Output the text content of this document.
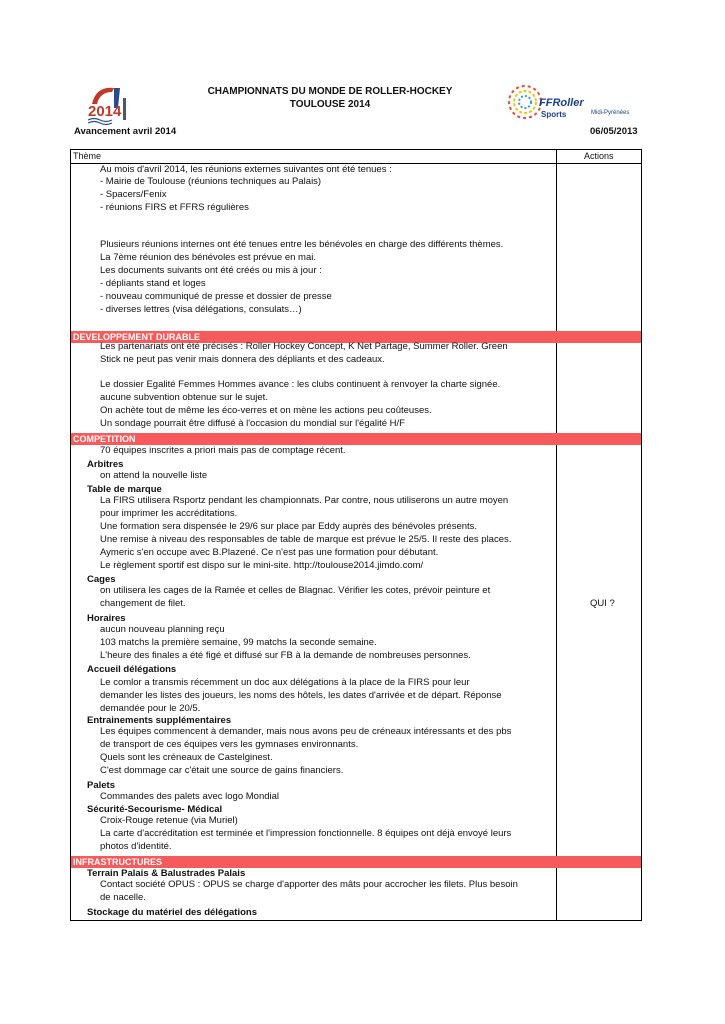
2014
CHAMPIONNATS DU MONDE DE ROLLER-HOCKEY
TOULOUSE 2014	FFRoller
Sports	Midi-Pyrénées
Avancement avril 2014	06/05/2013
Thème	Actions
Au mois d'avril 2014, les réunions externes suivantes ont été tenues :
- Mairie de Toulouse (réunions techniques au Palais)
- Spacers/Fenix
- réunions FIRS et FFRS régulières
Plusieurs réunions internes ont été tenues entre les bénévoles en charge des différents thèmes.
La 7ème réunion des bénévoles est prévue en mai.
Les documents suivants ont été créés ou mis à jour :
- dépliants stand et loges
- nouveau communiqué de presse et dossier de presse
- diverses lettres (visa délégations, consulats…)
DEVELOPPEMENT DURABLE
Les partenariats ont été précisés : Roller Hockey Concept, K Net Partage, Summer Roller. Green
Stick ne peut pas venir mais donnera des dépliants et des cadeaux.
Le dossier Egalité Femmes Hommes avance : les clubs continuent à renvoyer la charte signée.
aucune subvention obtenue sur le sujet.
On achète tout de même les éco-verres et on mène les actions peu coûteuses.
Un sondage pourrait être diffusé à l'occasion du mondial sur l'égalité H/F
COMPETITION
70 équipes inscrites a priori mais pas de comptage récent.
Arbitres
on attend la nouvelle liste
Table de marque
La FIRS utilisera Rsportz pendant les championnats. Par contre, nous utiliserons un autre moyen
pour imprimer les accréditations.
Une formation sera dispensée le 29/6 sur place par Eddy auprès des bénévoles présents.
Une remise à niveau des responsables de table de marque est prévue le 25/5. Il reste des places.
Aymeric s'en occupe avec B.Plazené. Ce n'est pas une formation pour débutant.
Le règlement sportif est dispo sur le mini-site. http://toulouse2014.jimdo.com/
Cages
on utilisera les cages de la Ramée et celles de Blagnac. Vérifier les cotes, prévoir peinture et
changement de filet.	QUI ?
Horaires
aucun nouveau planning reçu
103 matchs la première semaine, 99 matchs la seconde semaine.
L'heure des finales a été figé et diffusé sur FB à la demande de nombreuses personnes.
Accueil délégations
Le comlor a transmis récemment un doc aux délégations à la place de la FIRS pour leur
demander les listes des joueurs, les noms des hôtels, les dates d'arrivée et de départ. Réponse
demandée pour le 20/5.
Entrainements supplémentaires
Les équipes commencent à demander, mais nous avons peu de créneaux intéressants et des pbs
de transport de ces équipes vers les gymnases environnants.
Quels sont les créneaux de Castelginest.
C'est dommage car c'était une source de gains financiers.
Palets
Commandes des palets avec logo Mondial
Sécurité-Secourisme- Médical
Croix-Rouge retenue (via Muriel)
La carte d'accréditation est terminée et l'impression fonctionnelle. 8 équipes ont déjà envoyé leurs
photos d'identité.
INFRASTRUCTURES
Terrain Palais & Balustrades Palais
Contact société OPUS : OPUS se charge d'apporter des mâts pour accrocher les filets. Plus besoin
de nacelle.
Stockage du matériel des délégations
